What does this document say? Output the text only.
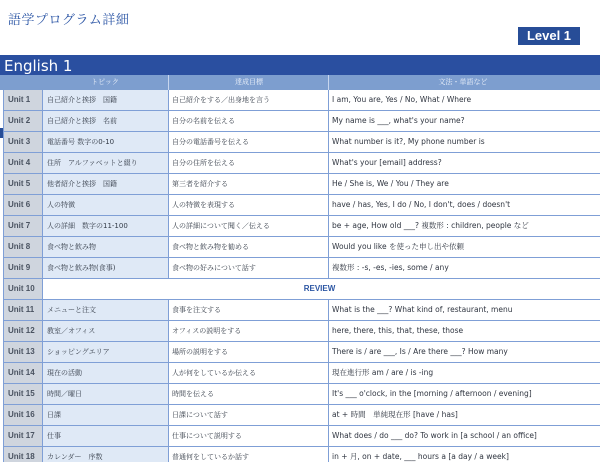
語学プログラム詳細
Level 1
English 1
トピック	達成目標	文法・単語など
Unit 1	自己紹介と挨拶　国籍	自己紹介をする／出身地を言う	I am, You are, Yes / No, What / Where
Unit 2	自己紹介と挨拶　名前	自分の名前を伝える	My name is ___, what's your name?
Unit 3	電話番号 数字の0-10	自分の電話番号を伝える	What number is it?, My phone number is
Unit 4	住所　アルファベットと綴り	自分の住所を伝える	What's your [email] address?
Unit 5	他者紹介と挨拶　国籍	第三者を紹介する	He / She is, We / You / They are
Unit 6	人の特徴	人の特徴を表現する	have / has, Yes, I do / No, I don't, does / doesn't
Unit 7	人の詳細　数字の11-100	人の詳細について聞く／伝える	be + age, How old ___? 複数形 : children, people など
Unit 8	食べ物と飲み物	食べ物と飲み物を勧める	Would you like を使った申し出や依頼
Unit 9	食べ物と飲み物(食事)	食べ物の好みについて話す	複数形 : -s, -es, -ies, some / any
Unit 10	REVIEW
Unit 11	メニューと注文	食事を注文する	What is the ___? What kind of, restaurant, menu
Unit 12	教室／オフィス	オフィスの説明をする	here, there, this, that, these, those
Unit 13	ショッピングエリア	場所の説明をする	There is / are ___, Is / Are there ___? How many
Unit 14	現在の活動	人が何をしているか伝える	現在進行形 am / are / is -ing
Unit 15	時間／曜日	時間を伝える	It's ___ o'clock, in the [morning / afternoon / evening]
Unit 16	日課	日課について話す	at + 時間　単純現在形 [have / has]
Unit 17	仕事	仕事について説明する	What does / do ___ do? To work in [a school / an office]
Unit 18	カレンダー　序数	普通何をしているか話す	in + 月, on + date, ___ hours a [a day / a week]
